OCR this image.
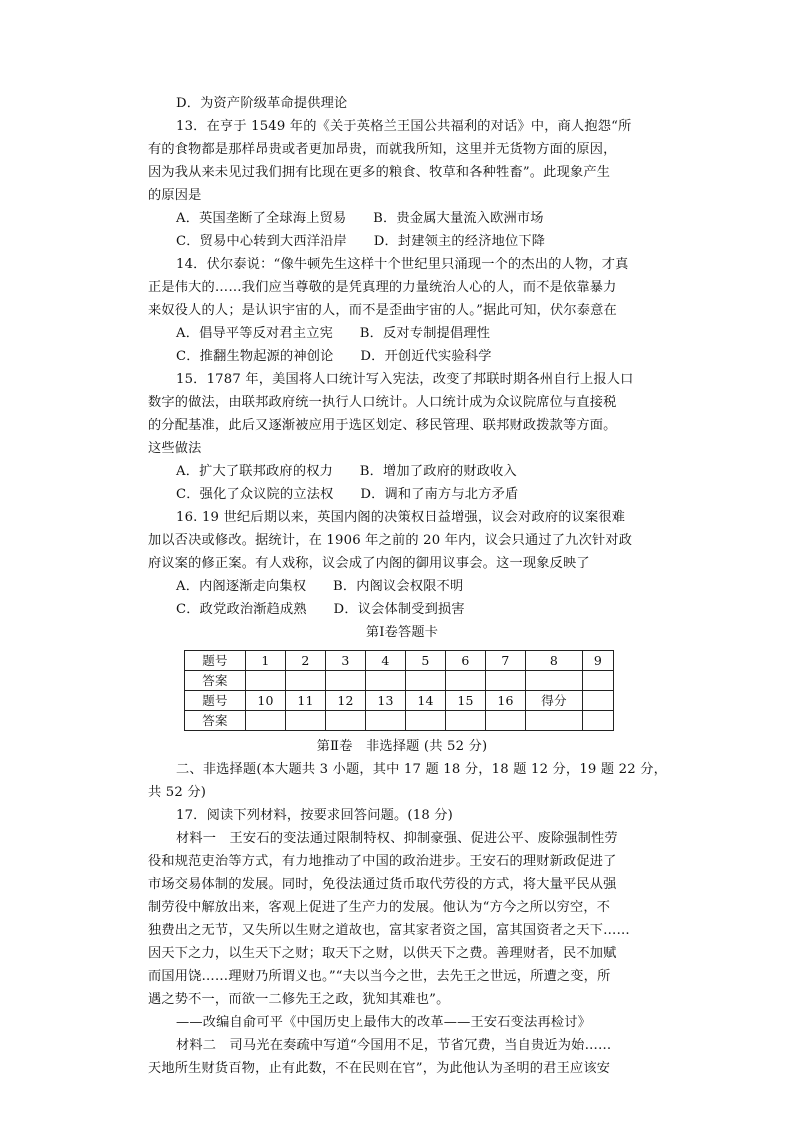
D．为资产阶级革命提供理论

13．在亨于 1549 年的《关于英格兰王国公共福利的对话》中，商人抱怨“所

有的食物都是那样昂贵或者更加昂贵，而就我所知，这里并无货物方面的原因，

因为我从来未见过我们拥有比现在更多的粮食、牧草和各种牲畜”。此现象产生

的原因是

A．英国垄断了全球海上贸易　　B．贵金属大量流入欧洲市场

C．贸易中心转到大西洋沿岸　　D．封建领主的经济地位下降

14．伏尔泰说：“像牛顿先生这样十个世纪里只涌现一个的杰出的人物，才真

正是伟大的……我们应当尊敬的是凭真理的力量统治人心的人，而不是依靠暴力

来奴役人的人；是认识宇宙的人，而不是歪曲宇宙的人。”据此可知，伏尔泰意在

A．倡导平等反对君主立宪　　B．反对专制提倡理性

C．推翻生物起源的神创论　　D．开创近代实验科学

15．1787 年，美国将人口统计写入宪法，改变了邦联时期各州自行上报人口

数字的做法，由联邦政府统一执行人口统计。人口统计成为众议院席位与直接税

的分配基准，此后又逐渐被应用于选区划定、移民管理、联邦财政拨款等方面。

这些做法

A．扩大了联邦政府的权力　　B．增加了政府的财政收入

C．强化了众议院的立法权　　D．调和了南方与北方矛盾

16. 19 世纪后期以来，英国内阁的决策权日益增强，议会对政府的议案很难

加以否决或修改。据统计，在 1906 年之前的 20 年内，议会只通过了九次针对政

府议案的修正案。有人戏称，议会成了内阁的御用议事会。这一现象反映了

A．内阁逐渐走向集权　　B．内阁议会权限不明

C．政党政治渐趋成熟　　D．议会体制受到损害

第Ⅰ卷答题卡

题号	1	2	3	4	5	6	7	8	9
答案									
题号	10	11	12	13	14	15	16	得分	
答案									

第Ⅱ卷　非选择题 (共 52 分)

二、非选择题(本大题共 3 小题，其中 17 题 18 分，18 题 12 分，19 题 22 分，

共 52 分)

17．阅读下列材料，按要求回答问题。(18 分)

材料一　王安石的变法通过限制特权、抑制豪强、促进公平、废除强制性劳

役和规范吏治等方式，有力地推动了中国的政治进步。王安石的理财新政促进了

市场交易体制的发展。同时，免役法通过货币取代劳役的方式，将大量平民从强

制劳役中解放出来，客观上促进了生产力的发展。他认为“方今之所以穷空，不

独费出之无节，又失所以生财之道故也，富其家者资之国，富其国资者之天下……

因天下之力，以生天下之财；取天下之财，以供天下之费。善理财者，民不加赋

而国用饶……理财乃所谓义也。”“夫以当今之世，去先王之世远，所遭之变，所

遇之势不一，而欲一二修先王之政，犹知其难也”。

——改编自俞可平《中国历史上最伟大的改革——王安石变法再检讨》

材料二　司马光在奏疏中写道“今国用不足，节省冗费，当自贵近为始……

天地所生财货百物，止有此数，不在民则在官”，为此他认为圣明的君王应该安
